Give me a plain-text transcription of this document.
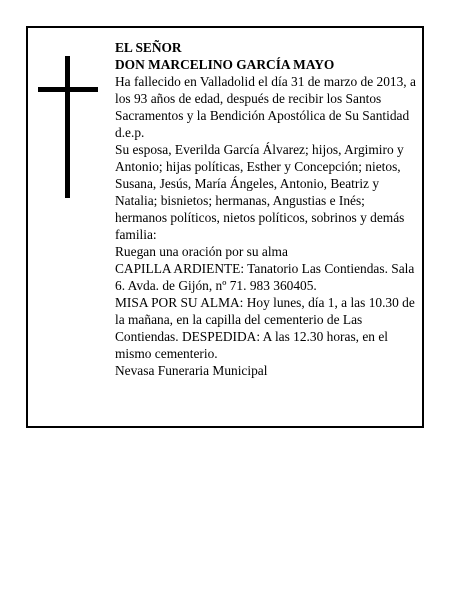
EL SEÑOR

DON MARCELINO GARCÍA MAYO

Ha fallecido en Valladolid el día 31 de marzo de 2013, a los 93 años de edad, después de recibir los Santos Sacramentos y la Bendición Apostólica de Su Santidad d.e.p.

Su esposa, Everilda García Álvarez; hijos, Argimiro y Antonio; hijas políticas, Esther y Concepción; nietos, Susana, Jesús, María Ángeles, Antonio, Beatriz y Natalia; bisnietos; hermanas, Angustias e Inés; hermanos políticos, nietos políticos, sobrinos y demás familia:

Ruegan una oración por su alma

CAPILLA ARDIENTE: Tanatorio Las Contiendas. Sala 6. Avda. de Gijón, nº 71. 983 360405.

MISA POR SU ALMA: Hoy lunes, día 1, a las 10.30 de la mañana, en la capilla del cementerio de Las Contiendas. DESPEDIDA: A las 12.30 horas, en el mismo cementerio.

Nevasa Funeraria Municipal
